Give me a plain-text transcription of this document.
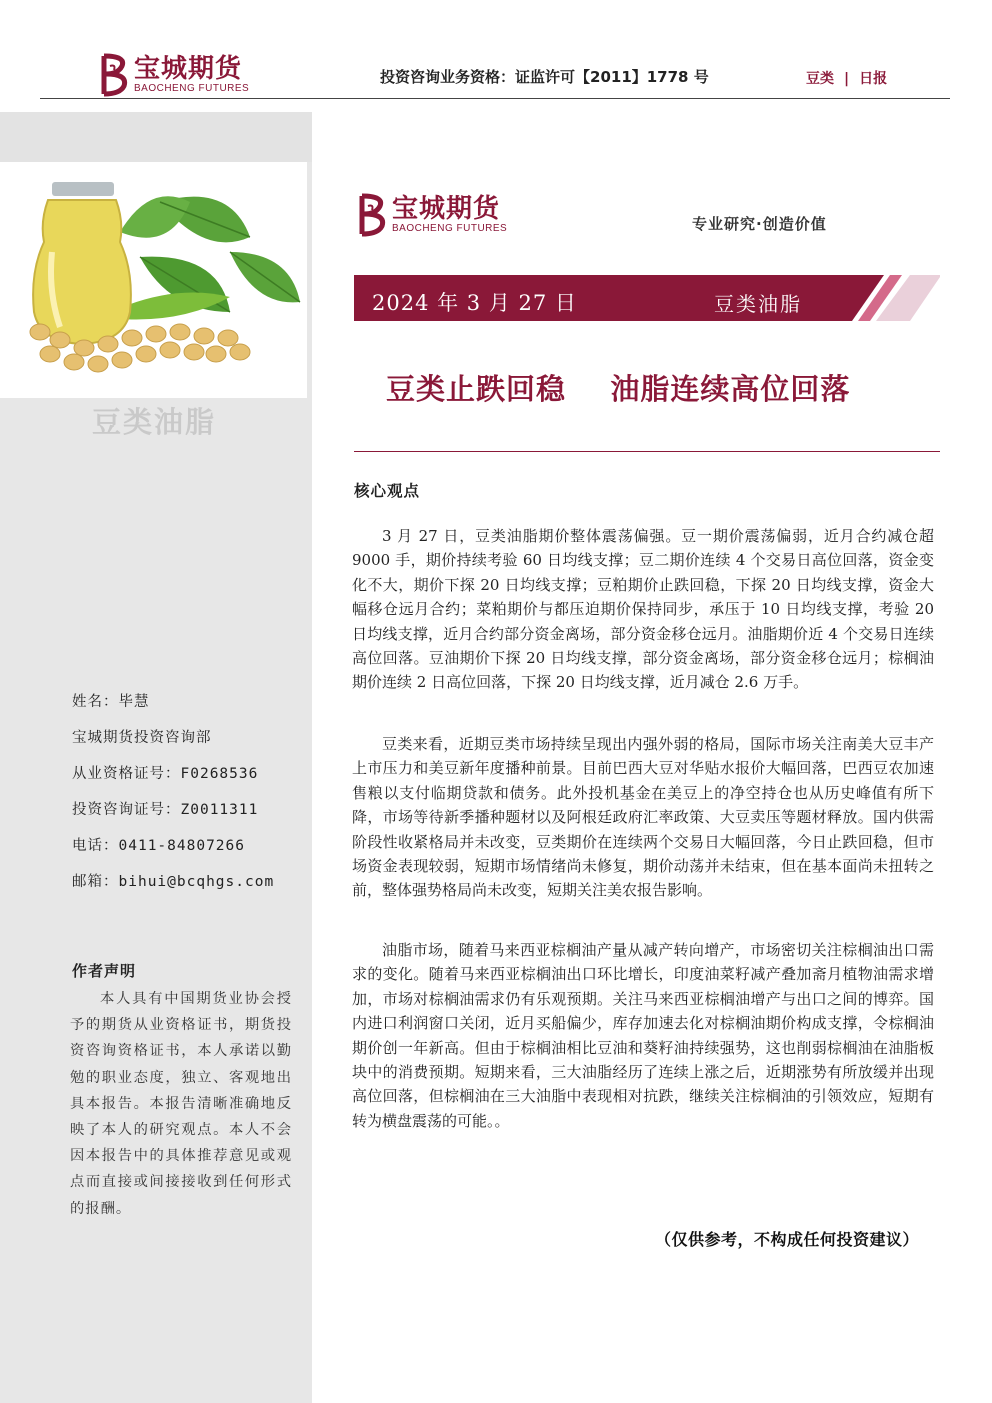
宝城期货
BAOCHENG FUTURES
投资咨询业务资格：证监许可【2011】1778 号	豆类 | 日报
豆类油脂
姓名：毕慧
宝城期货投资咨询部
从业资格证号：F0268536
投资咨询证号：Z0011311
电话：0411-84807266
邮箱：bihui@bcqhgs.com
作者声明
本人具有中国期货业协会授予的期货从业资格证书，期货投资咨询资格证书，本人承诺以勤勉的职业态度，独立、客观地出具本报告。本报告清晰准确地反映了本人的研究观点。本人不会因本报告中的具体推荐意见或观点而直接或间接接收到任何形式的报酬。
宝城期货
BAOCHENG FUTURES	专业研究·创造价值
2024 年 3 月 27 日	豆类油脂
豆类止跌回稳    油脂连续高位回落
核心观点
3 月 27 日，豆类油脂期价整体震荡偏强。豆一期价震荡偏弱，近月合约减仓超 9000 手，期价持续考验 60 日均线支撑；豆二期价连续 4 个交易日高位回落，资金变化不大，期价下探 20 日均线支撑；豆粕期价止跌回稳，下探 20 日均线支撑，资金大幅移仓远月合约；菜粕期价与都压迫期价保持同步，承压于 10 日均线支撑，考验 20 日均线支撑，近月合约部分资金离场，部分资金移仓远月。油脂期价近 4 个交易日连续高位回落。豆油期价下探 20 日均线支撑，部分资金离场，部分资金移仓远月；棕榈油期价连续 2 日高位回落，下探 20 日均线支撑，近月减仓 2.6 万手。
豆类来看，近期豆类市场持续呈现出内强外弱的格局，国际市场关注南美大豆丰产上市压力和美豆新年度播种前景。目前巴西大豆对华贴水报价大幅回落，巴西豆农加速售粮以支付临期贷款和债务。此外投机基金在美豆上的净空持仓也从历史峰值有所下降，市场等待新季播种题材以及阿根廷政府汇率政策、大豆卖压等题材释放。国内供需阶段性收紧格局并未改变，豆类期价在连续两个交易日大幅回落，今日止跌回稳，但市场资金表现较弱，短期市场情绪尚未修复，期价动荡并未结束，但在基本面尚未扭转之前，整体强势格局尚未改变，短期关注美农报告影响。
油脂市场，随着马来西亚棕榈油产量从减产转向增产，市场密切关注棕榈油出口需求的变化。随着马来西亚棕榈油出口环比增长，印度油菜籽减产叠加斋月植物油需求增加，市场对棕榈油需求仍有乐观预期。关注马来西亚棕榈油增产与出口之间的博弈。国内进口利润窗口关闭，近月买船偏少，库存加速去化对棕榈油期价构成支撑，令棕榈油期价创一年新高。但由于棕榈油相比豆油和葵籽油持续强势，这也削弱棕榈油在油脂板块中的消费预期。短期来看，三大油脂经历了连续上涨之后，近期涨势有所放缓并出现高位回落，但棕榈油在三大油脂中表现相对抗跌，继续关注棕榈油的引领效应，短期有转为横盘震荡的可能。。
（仅供参考，不构成任何投资建议）
